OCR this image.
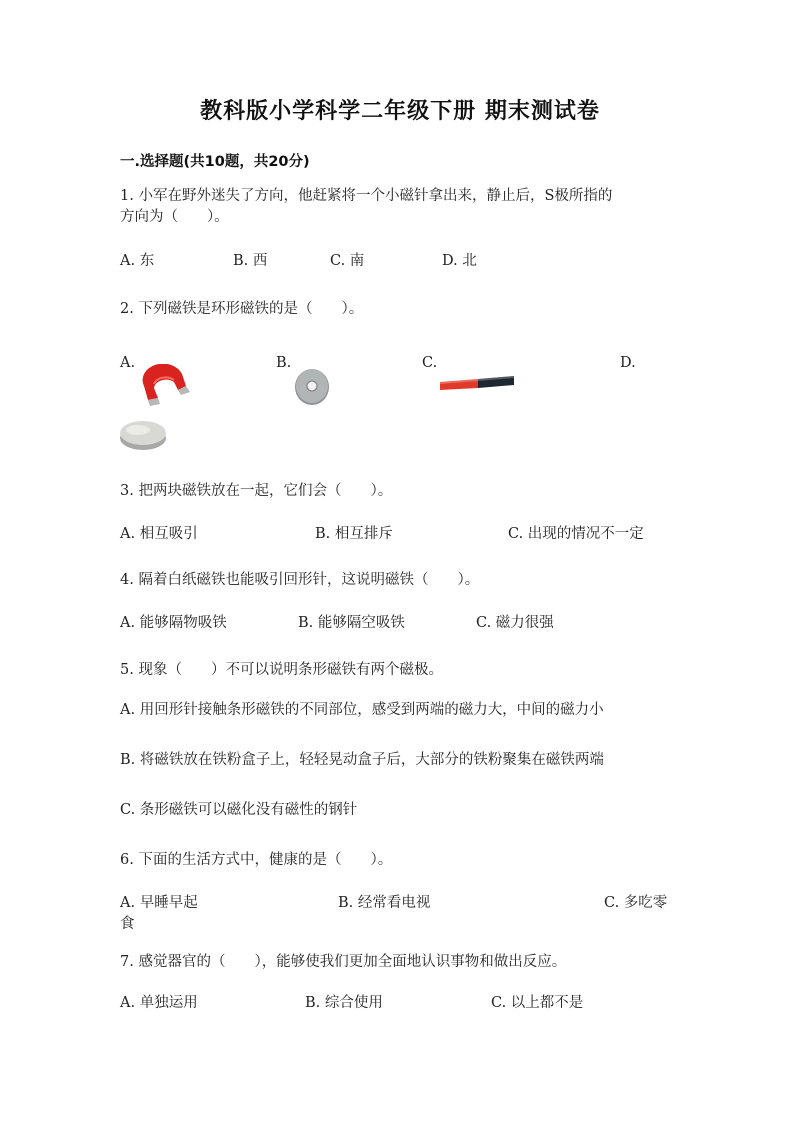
教科版小学科学二年级下册 期末测试卷
一.选择题(共10题，共20分)
1. 小军在野外迷失了方向，他赶紧将一个小磁针拿出来，静止后，S极所指的
方向为（　　）。
A. 东	B. 西	C. 南	D. 北
2. 下列磁铁是环形磁铁的是（　　）。
A.	B.	C.	D.
3. 把两块磁铁放在一起，它们会（　　）。
A. 相互吸引	B. 相互排斥	C. 出现的情况不一定
4. 隔着白纸磁铁也能吸引回形针，这说明磁铁（　　）。
A. 能够隔物吸铁	B. 能够隔空吸铁	C. 磁力很强
5. 现象（　　）不可以说明条形磁铁有两个磁极。
A. 用回形针接触条形磁铁的不同部位，感受到两端的磁力大，中间的磁力小
B. 将磁铁放在铁粉盒子上，轻轻晃动盒子后，大部分的铁粉聚集在磁铁两端
C. 条形磁铁可以磁化没有磁性的钢针
6. 下面的生活方式中，健康的是（　　）。
A. 早睡早起	B. 经常看电视	C. 多吃零
食
7. 感觉器官的（　　），能够使我们更加全面地认识事物和做出反应。
A. 单独运用	B. 综合使用	C. 以上都不是
